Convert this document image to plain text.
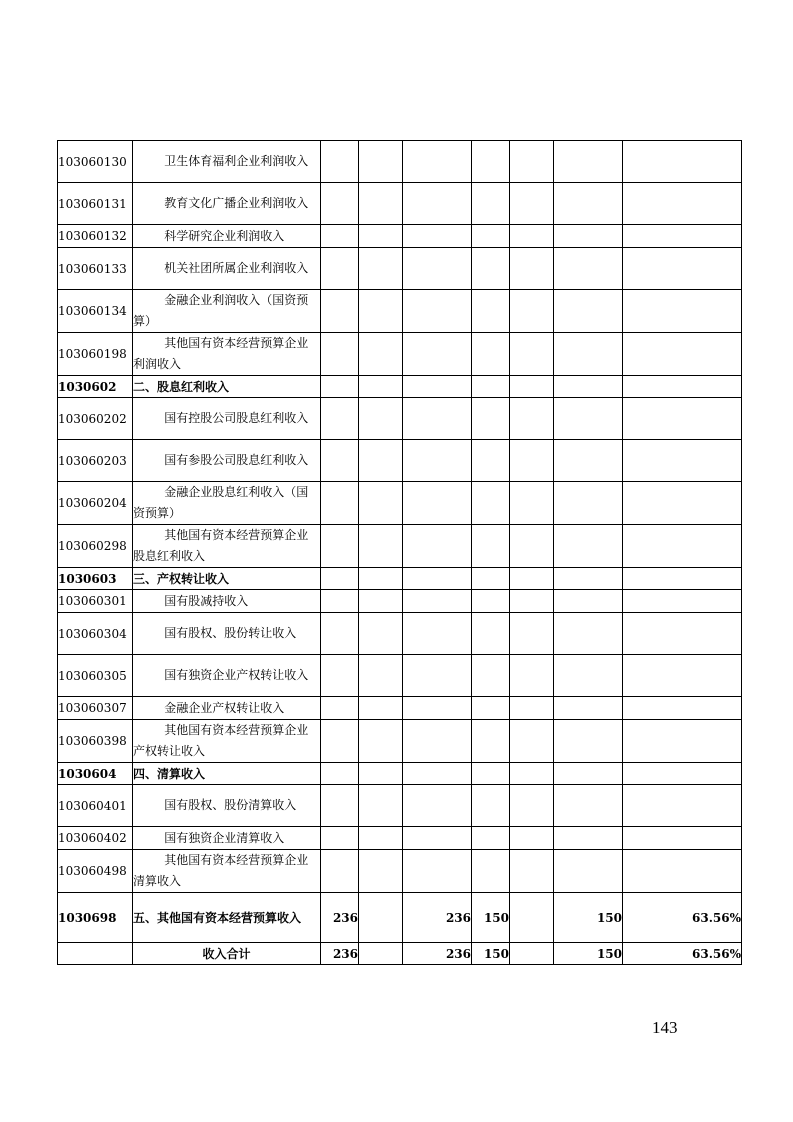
103060130	卫生体育福利企业利润收入							

103060131	教育文化广播企业利润收入							

103060132	科学研究企业利润收入							

103060133	机关社团所属企业利润收入							

103060134	金融企业利润收入（国资预算）							

103060198	其他国有资本经营预算企业利润收入							

1030602	二、股息红利收入							

103060202	国有控股公司股息红利收入							

103060203	国有参股公司股息红利收入							

103060204	金融企业股息红利收入（国资预算）							

103060298	其他国有资本经营预算企业股息红利收入							

1030603	三、产权转让收入							

103060301	国有股减持收入							

103060304	国有股权、股份转让收入							

103060305	国有独资企业产权转让收入							

103060307	金融企业产权转让收入							

103060398	其他国有资本经营预算企业产权转让收入							

1030604	四、清算收入							

103060401	国有股权、股份清算收入							

103060402	国有独资企业清算收入							

103060498	其他国有资本经营预算企业清算收入							

1030698	五、其他国有资本经营预算收入	236		236	150		150	63.56%
	收入合计	236		236	150		150	63.56%
143
